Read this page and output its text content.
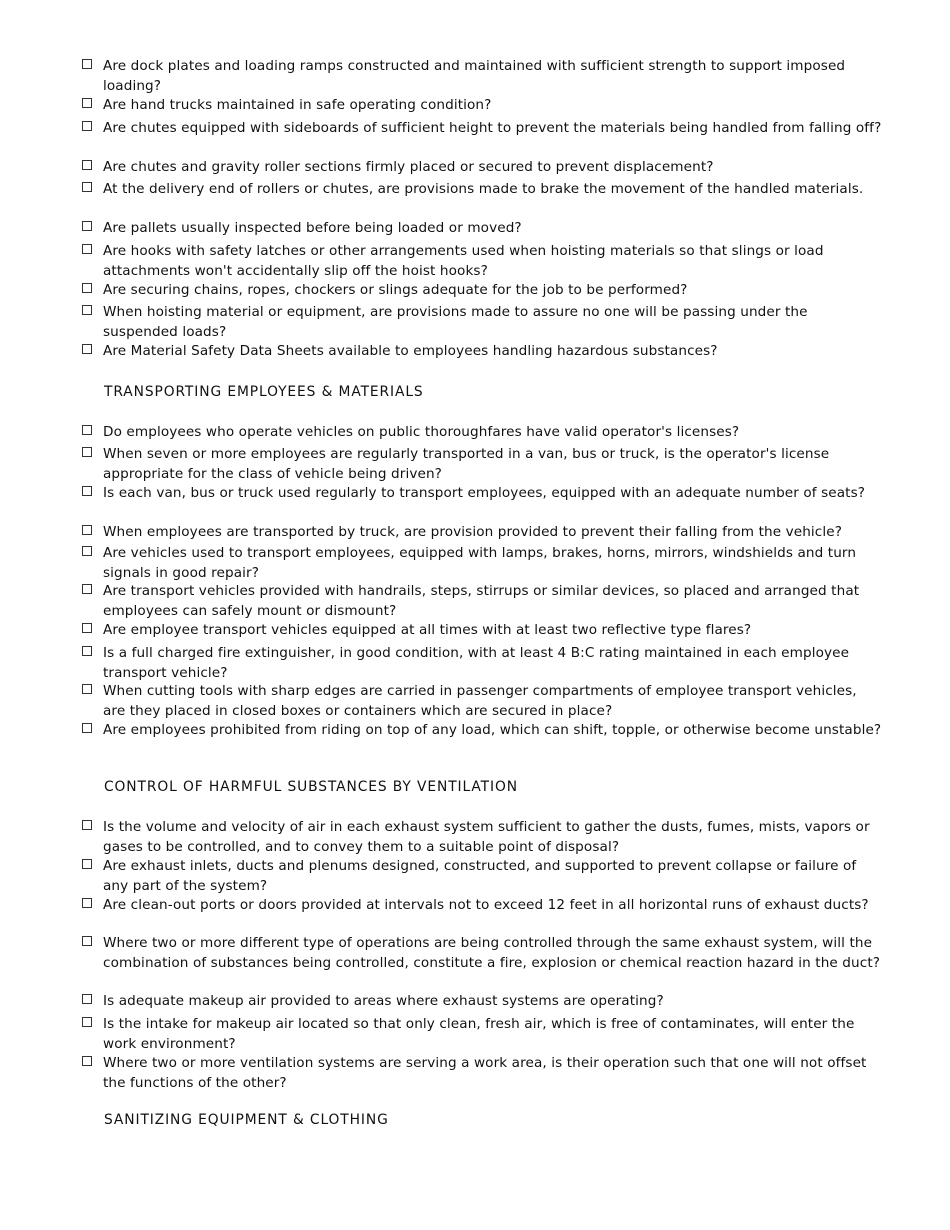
Are dock plates and loading ramps constructed and maintained with sufficient strength to support imposed loading?
Are hand trucks maintained in safe operating condition?
Are chutes equipped with sideboards of sufficient height to prevent the materials being handled from falling off?
Are chutes and gravity roller sections firmly placed or secured to prevent displacement?
At the delivery end of rollers or chutes, are provisions made to brake the movement of the handled materials.
Are pallets usually inspected before being loaded or moved?
Are hooks with safety latches or other arrangements used when hoisting materials so that slings or load attachments won't accidentally slip off the hoist hooks?
Are securing chains, ropes, chockers or slings adequate for the job to be performed?
When hoisting material or equipment, are provisions made to assure no one will be passing under the suspended loads?
Are Material Safety Data Sheets available to employees handling hazardous substances?
TRANSPORTING EMPLOYEES & MATERIALS
Do employees who operate vehicles on public thoroughfares have valid operator's licenses?
When seven or more employees are regularly transported in a van, bus or truck, is the operator's license appropriate for the class of vehicle being driven?
Is each van, bus or truck used regularly to transport employees, equipped with an adequate number of seats?
When employees are transported by truck, are provision provided to prevent their falling from the vehicle?
Are vehicles used to transport employees, equipped with lamps, brakes, horns, mirrors, windshields and turn signals in good repair?
Are transport vehicles provided with handrails, steps, stirrups or similar devices, so placed and arranged that employees can safely mount or dismount?
Are employee transport vehicles equipped at all times with at least two reflective type flares?
Is a full charged fire extinguisher, in good condition, with at least 4 B:C rating maintained in each employee transport vehicle?
When cutting tools with sharp edges are carried in passenger compartments of employee transport vehicles, are they placed in closed boxes or containers which are secured in place?
Are employees prohibited from riding on top of any load, which can shift, topple, or otherwise become unstable?
CONTROL OF HARMFUL SUBSTANCES BY VENTILATION
Is the volume and velocity of air in each exhaust system sufficient to gather the dusts, fumes, mists, vapors or gases to be controlled, and to convey them to a suitable point of disposal?
Are exhaust inlets, ducts and plenums designed, constructed, and supported to prevent collapse or failure of any part of the system?
Are clean-out ports or doors provided at intervals not to exceed 12 feet in all horizontal runs of exhaust ducts?
Where two or more different type of operations are being controlled through the same exhaust system, will the combination of substances being controlled, constitute a fire, explosion or chemical reaction hazard in the duct?
Is adequate makeup air provided to areas where exhaust systems are operating?
Is the intake for makeup air located so that only clean, fresh air, which is free of contaminates, will enter the work environment?
Where two or more ventilation systems are serving a work area, is their operation such that one will not offset the functions of the other?
SANITIZING EQUIPMENT & CLOTHING
